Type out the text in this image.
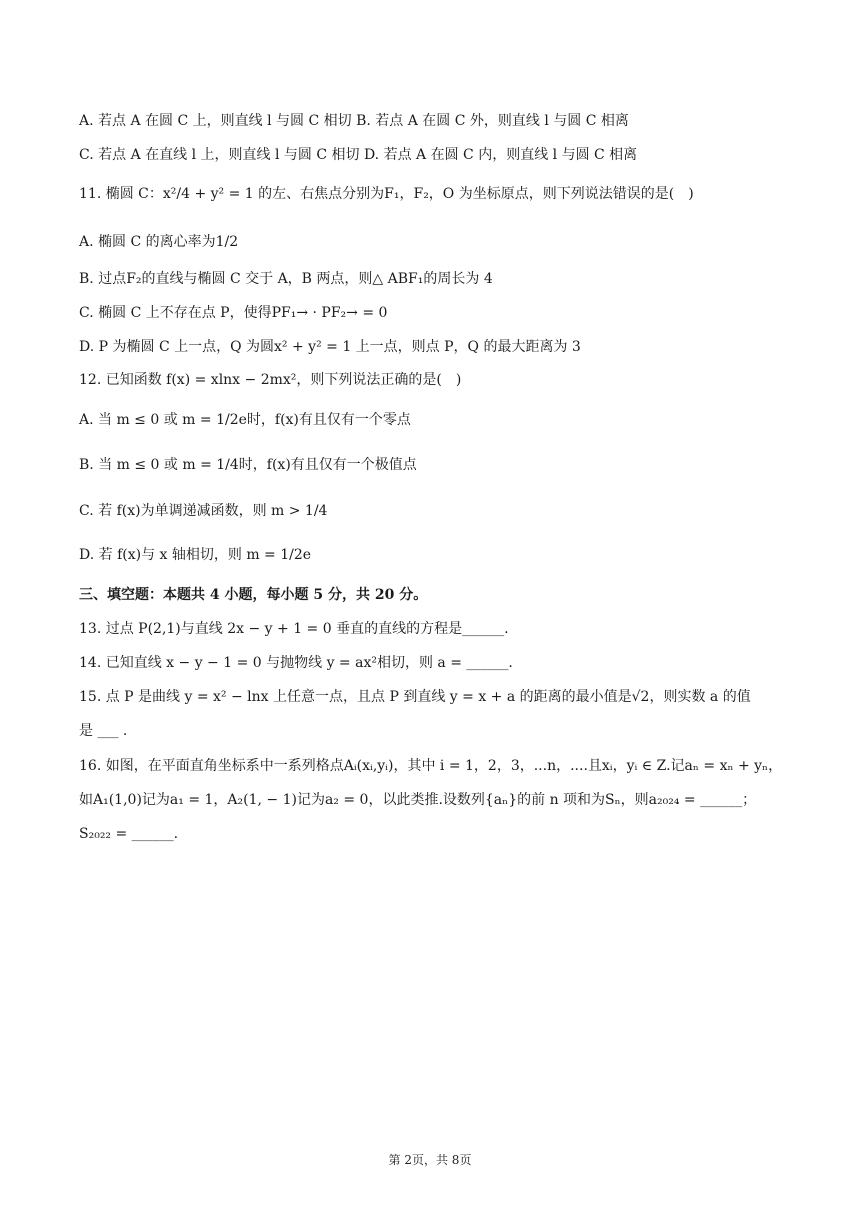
A. 若点 A 在圆 C 上，则直线 l 与圆 C 相切 B. 若点 A 在圆 C 外，则直线 l 与圆 C 相离
C. 若点 A 在直线 l 上，则直线 l 与圆 C 相切 D. 若点 A 在圆 C 内，则直线 l 与圆 C 相离
11. 椭圆 C：x²/4 + y² = 1 的左、右焦点分别为F₁，F₂，O 为坐标原点，则下列说法错误的是(　)
A. 椭圆 C 的离心率为1/2
B. 过点F₂的直线与椭圆 C 交于 A，B 两点，则△ ABF₁的周长为 4
C. 椭圆 C 上不存在点 P，使得PF₁→ · PF₂→ = 0
D. P 为椭圆 C 上一点，Q 为圆x² + y² = 1 上一点，则点 P，Q 的最大距离为 3
12. 已知函数 f(x) = xlnx − 2mx²，则下列说法正确的是(　)
A. 当 m ≤ 0 或 m = 1/2e时，f(x)有且仅有一个零点
B. 当 m ≤ 0 或 m = 1/4时，f(x)有且仅有一个极值点
C. 若 f(x)为单调递减函数，则 m > 1/4
D. 若 f(x)与 x 轴相切，则 m = 1/2e
三、填空题：本题共 4 小题，每小题 5 分，共 20 分。
13. 过点 P(2,1)与直线 2x − y + 1 = 0 垂直的直线的方程是______.
14. 已知直线 x − y − 1 = 0 与抛物线 y = ax²相切，则 a = ______.
15. 点 P 是曲线 y = x² − lnx 上任意一点，且点 P 到直线 y = x + a 的距离的最小值是√2，则实数 a 的值
是 ___ .
16. 如图，在平面直角坐标系中一系列格点Aᵢ(xᵢ,yᵢ)，其中 i = 1，2，3，...n，....且xᵢ，yᵢ ∈ Z.记aₙ = xₙ + yₙ，
如A₁(1,0)记为a₁ = 1，A₂(1, − 1)记为a₂ = 0，以此类推.设数列{aₙ}的前 n 项和为Sₙ，则a₂₀₂₄ = ______；
S₂₀₂₂ = ______.
第 2页，共 8页
